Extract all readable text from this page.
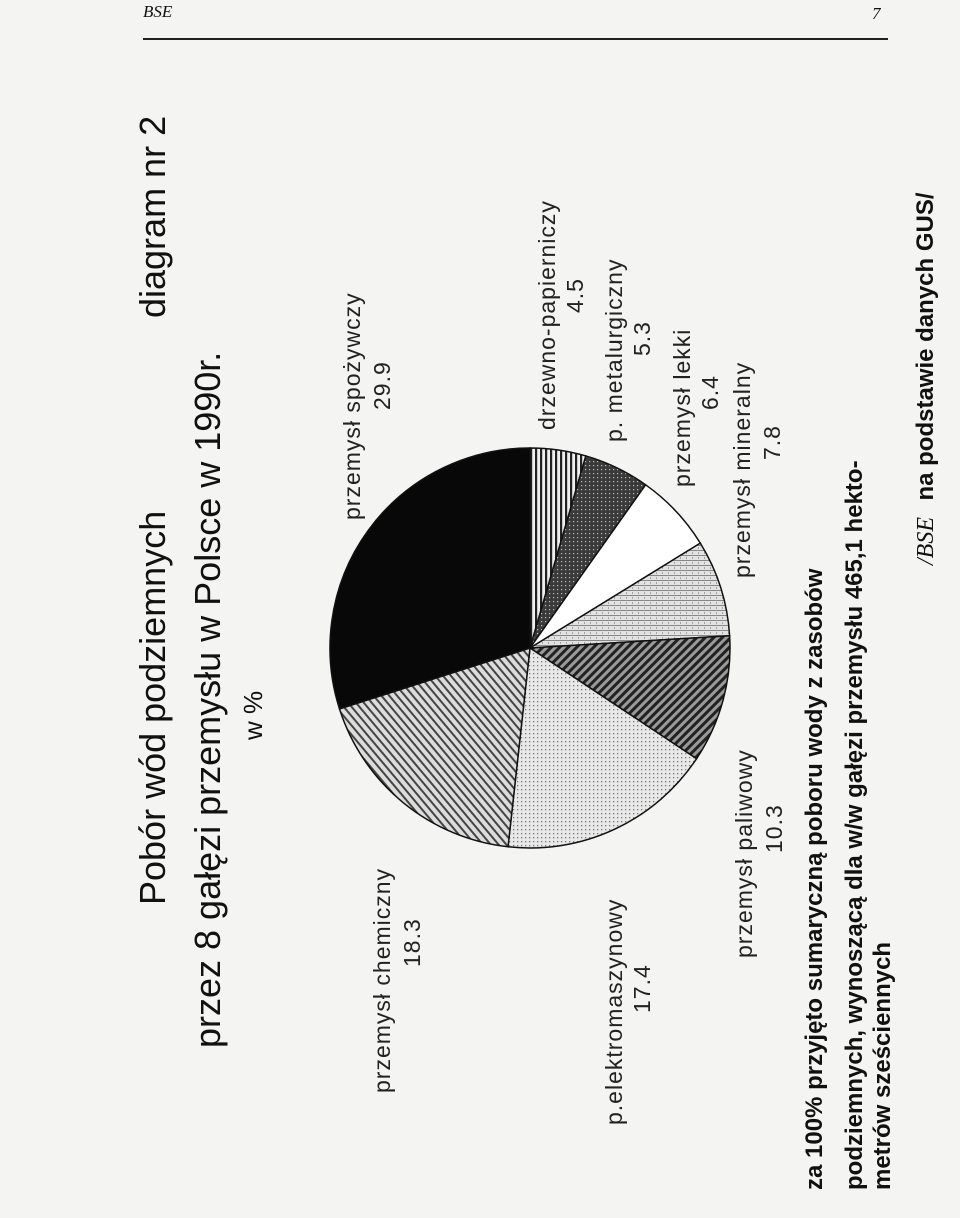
BSE	7
Pobór wód podziemnych przez 8 gałęzi przemysłu w Polsce w 1990r. w %
diagram nr 2
przemysł spożywczy 29.9	drzewno-papierniczy 4.5 p. metalurgiczny 5.3 przemysł lekki 6.4 przemysł mineralny 7.8
przemysł paliwowy 10.3
p.elektromaszynowy 17.4
przemysł chemiczny 18.3	za 100% przyjęto sumaryczną poboru wody z zasobów podziemnych, wynoszącą dla w/w gałęzi przemysłu 465,1 hekto- metrów sześciennych
/BSE na podstawie danych GUS/
